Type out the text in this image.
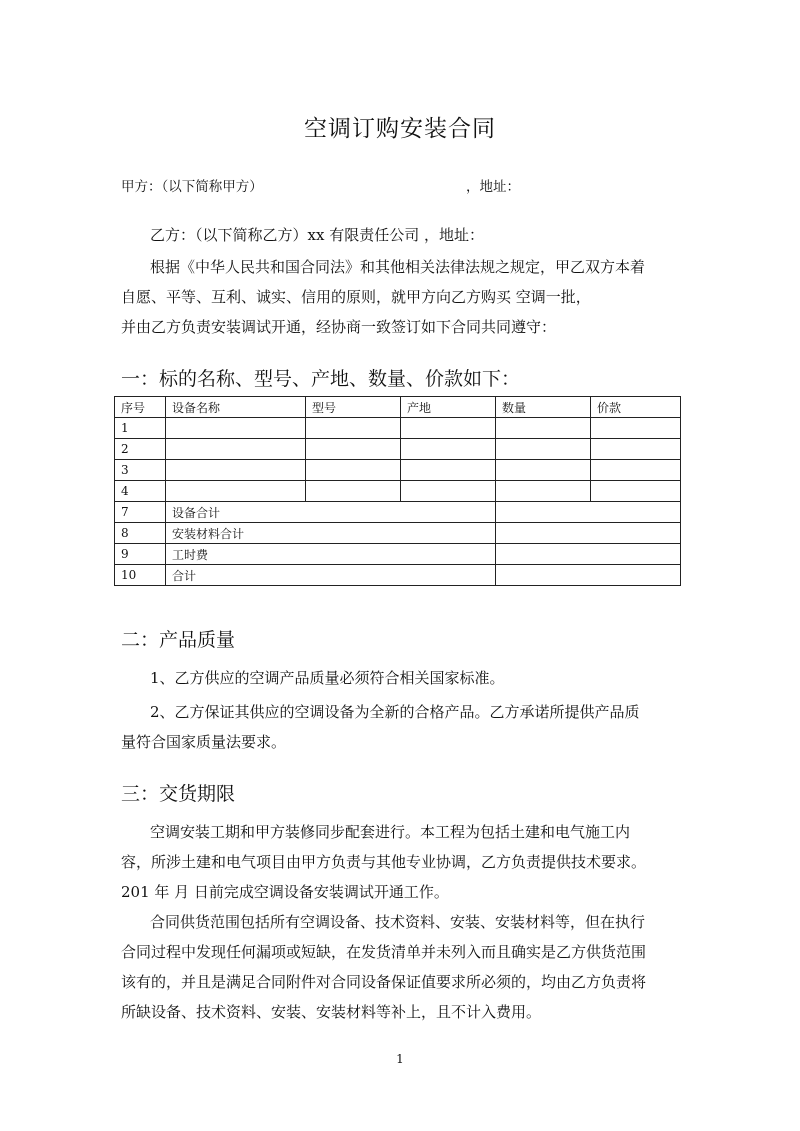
空调订购安装合同
甲方：（以下简称甲方）	，地址：
乙方：（以下简称乙方）xx 有限责任公司 ，地址：
根据《中华人民共和国合同法》和其他相关法律法规之规定，甲乙双方本着
自愿、平等、互利、诚实、信用的原则，就甲方向乙方购买 空调一批，
并由乙方负责安装调试开通，经协商一致签订如下合同共同遵守：
一：标的名称、型号、产地、数量、价款如下：
序号	设备名称	型号	产地	数量	价款
1					
2					
3					
4					
7	设备合计				
8	安装材料合计				
9	工时费				
10	合计				
二：产品质量
1、乙方供应的空调产品质量必须符合相关国家标准。
2、乙方保证其供应的空调设备为全新的合格产品。乙方承诺所提供产品质
量符合国家质量法要求。
三：交货期限
空调安装工期和甲方装修同步配套进行。本工程为包括土建和电气施工内
容，所涉土建和电气项目由甲方负责与其他专业协调，乙方负责提供技术要求。
201 年 月 日前完成空调设备安装调试开通工作。
合同供货范围包括所有空调设备、技术资料、安装、安装材料等，但在执行
合同过程中发现任何漏项或短缺，在发货清单并未列入而且确实是乙方供货范围
该有的，并且是满足合同附件对合同设备保证值要求所必须的，均由乙方负责将
所缺设备、技术资料、安装、安装材料等补上，且不计入费用。
1
